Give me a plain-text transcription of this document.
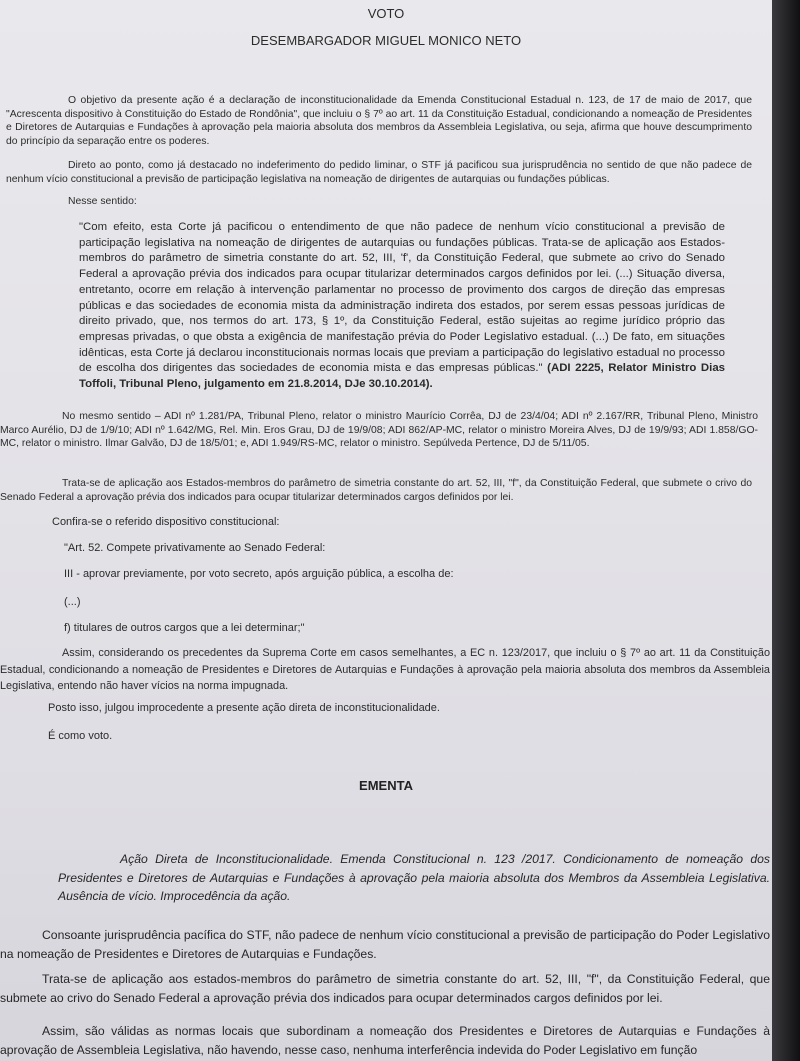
VOTO
DESEMBARGADOR MIGUEL MONICO NETO
O objetivo da presente ação é a declaração de inconstitucionalidade da Emenda Constitucional Estadual n. 123, de 17 de maio de 2017, que "Acrescenta dispositivo à Constituição do Estado de Rondônia", que incluiu o § 7º ao art. 11 da Constituição Estadual, condicionando a nomeação de Presidentes e Diretores de Autarquias e Fundações à aprovação pela maioria absoluta dos membros da Assembleia Legislativa, ou seja, afirma que houve descumprimento do princípio da separação entre os poderes.
Direto ao ponto, como já destacado no indeferimento do pedido liminar, o STF já pacificou sua jurisprudência no sentido de que não padece de nenhum vício constitucional a previsão de participação legislativa na nomeação de dirigentes de autarquias ou fundações públicas.
Nesse sentido:
"Com efeito, esta Corte já pacificou o entendimento de que não padece de nenhum vício constitucional a previsão de participação legislativa na nomeação de dirigentes de autarquias ou fundações públicas. Trata-se de aplicação aos Estados-membros do parâmetro de simetria constante do art. 52, III, 'f', da Constituição Federal, que submete ao crivo do Senado Federal a aprovação prévia dos indicados para ocupar titularizar determinados cargos definidos por lei. (...) Situação diversa, entretanto, ocorre em relação à intervenção parlamentar no processo de provimento dos cargos de direção das empresas públicas e das sociedades de economia mista da administração indireta dos estados, por serem essas pessoas jurídicas de direito privado, que, nos termos do art. 173, § 1º, da Constituição Federal, estão sujeitas ao regime jurídico próprio das empresas privadas, o que obsta a exigência de manifestação prévia do Poder Legislativo estadual. (...) De fato, em situações idênticas, esta Corte já declarou inconstitucionais normas locais que previam a participação do legislativo estadual no processo de escolha dos dirigentes das sociedades de economia mista e das empresas públicas." (ADI 2225, Relator Ministro Dias Toffoli, Tribunal Pleno, julgamento em 21.8.2014, DJe 30.10.2014).
No mesmo sentido – ADI nº 1.281/PA, Tribunal Pleno, relator o ministro Maurício Corrêa, DJ de 23/4/04; ADI nº 2.167/RR, Tribunal Pleno, Ministro Marco Aurélio, DJ de 1/9/10; ADI nº 1.642/MG, Rel. Min. Eros Grau, DJ de 19/9/08; ADI 862/AP-MC, relator o ministro Moreira Alves, DJ de 19/9/93; ADI 1.858/GO-MC, relator o ministro. Ilmar Galvão, DJ de 18/5/01; e, ADI 1.949/RS-MC, relator o ministro. Sepúlveda Pertence, DJ de 5/11/05.
Trata-se de aplicação aos Estados-membros do parâmetro de simetria constante do art. 52, III, "f", da Constituição Federal, que submete o crivo do Senado Federal a aprovação prévia dos indicados para ocupar titularizar determinados cargos definidos por lei.
Confira-se o referido dispositivo constitucional:
"Art. 52. Compete privativamente ao Senado Federal:
III - aprovar previamente, por voto secreto, após arguição pública, a escolha de:
(...)
f) titulares de outros cargos que a lei determinar;"
Assim, considerando os precedentes da Suprema Corte em casos semelhantes, a EC n. 123/2017, que incluiu o § 7º ao art. 11 da Constituição Estadual, condicionando a nomeação de Presidentes e Diretores de Autarquias e Fundações à aprovação pela maioria absoluta dos membros da Assembleia Legislativa, entendo não haver vícios na norma impugnada.
Posto isso, julgou improcedente a presente ação direta de inconstitucionalidade.
É como voto.
EMENTA
Ação Direta de Inconstitucionalidade. Emenda Constitucional n. 123 /2017. Condicionamento de nomeação dos Presidentes e Diretores de Autarquias e Fundações à aprovação pela maioria absoluta dos Membros da Assembleia Legislativa. Ausência de vício. Improcedência da ação.
Consoante jurisprudência pacífica do STF, não padece de nenhum vício constitucional a previsão de participação do Poder Legislativo na nomeação de Presidentes e Diretores de Autarquias e Fundações.
Trata-se de aplicação aos estados-membros do parâmetro de simetria constante do art. 52, III, "f", da Constituição Federal, que submete ao crivo do Senado Federal a aprovação prévia dos indicados para ocupar determinados cargos definidos por lei.
Assim, são válidas as normas locais que subordinam a nomeação dos Presidentes e Diretores de Autarquias e Fundações à aprovação de Assembleia Legislativa, não havendo, nesse caso, nenhuma interferência indevida do Poder Legislativo em função
